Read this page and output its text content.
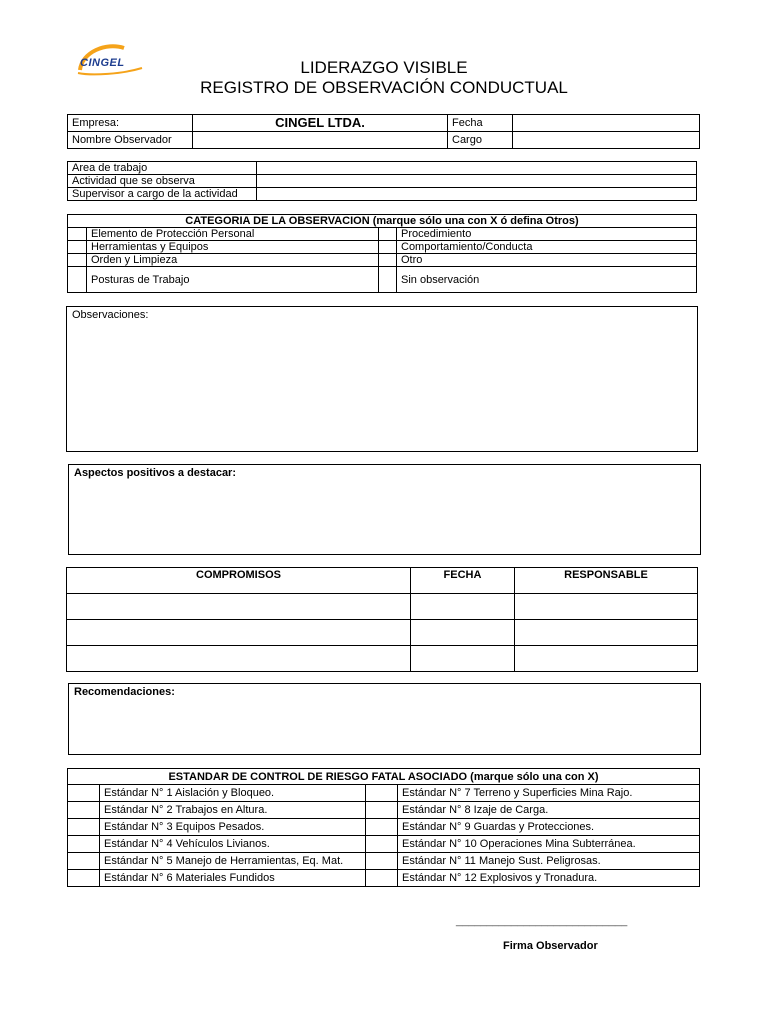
CINGEL	LIDERAZGO VISIBLE
REGISTRO DE OBSERVACIÓN CONDUCTUAL
Empresa:	CINGEL LTDA.	Fecha	
Nombre Observador		Cargo	
Area de trabajo	
Actividad que se observa	
Supervisor a cargo de la actividad	
CATEGORIA DE LA OBSERVACION (marque sólo una con X ó defina Otros)			
	Elemento de Protección Personal		Procedimiento
	Herramientas y Equipos		Comportamiento/Conducta
	Orden y Limpieza		Otro
	Posturas de Trabajo		Sin observación
Observaciones:
Aspectos positivos a destacar:
COMPROMISOS	FECHA	RESPONSABLE

Recomendaciones:
ESTANDAR DE CONTROL DE RIESGO FATAL ASOCIADO (marque sólo una con X)			
	Estándar N° 1 Aislación y Bloqueo.		Estándar N° 7 Terreno y Superficies Mina Rajo.
	Estándar N° 2 Trabajos en Altura.		Estándar N° 8 Izaje de Carga.
	Estándar N° 3 Equipos Pesados.		Estándar N° 9 Guardas y Protecciones.
	Estándar N° 4 Vehículos Livianos.		Estándar N° 10 Operaciones Mina Subterránea.
	Estándar N° 5 Manejo de Herramientas, Eq. Mat.		Estándar N° 11 Manejo Sust. Peligrosas.
	Estándar N° 6 Materiales Fundidos		Estándar N° 12 Explosivos y Tronadura.
____________________________
Firma Observador
